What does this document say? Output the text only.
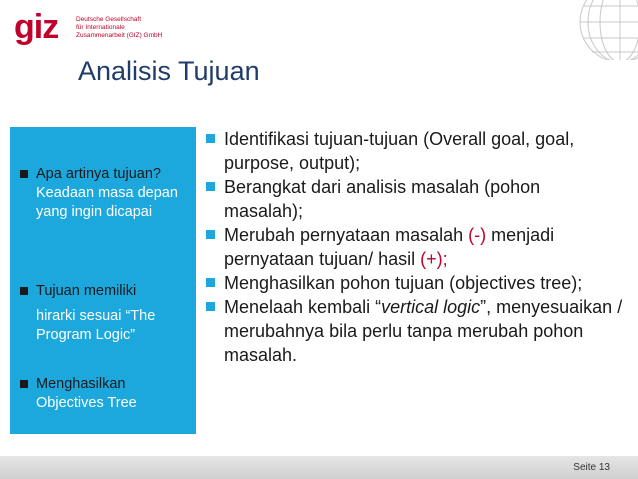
giz	Deutsche Gesellschaft
für Internationale
Zusammenarbeit (GIZ) GmbH
Analisis Tujuan
Apa artinya tujuan?
Keadaan masa depan yang ingin dicapai
Tujuan memiliki
hirarki sesuai “The Program Logic”
Menghasilkan
Objectives Tree
Identifikasi tujuan-tujuan (Overall goal, goal, purpose, output);
Berangkat dari analisis masalah (pohon masalah);
Merubah pernyataan masalah (-) menjadi pernyataan tujuan/ hasil (+);
Menghasilkan pohon tujuan (objectives tree);
Menelaah kembali “vertical logic”, menyesuaikan / merubahnya bila perlu tanpa merubah pohon masalah.
Seite 13
